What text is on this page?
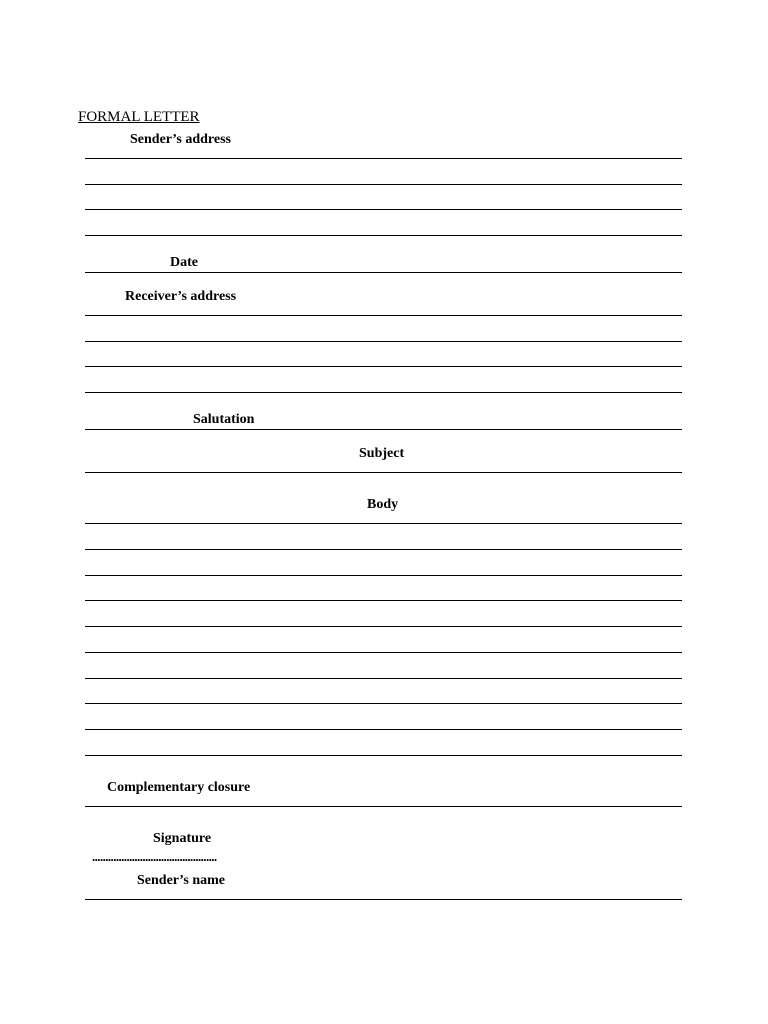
FORMAL LETTER
Sender’s address
Date
Receiver’s address
Salutation
Subject
Body
Complementary closure
Signature
...............................................
Sender’s name
